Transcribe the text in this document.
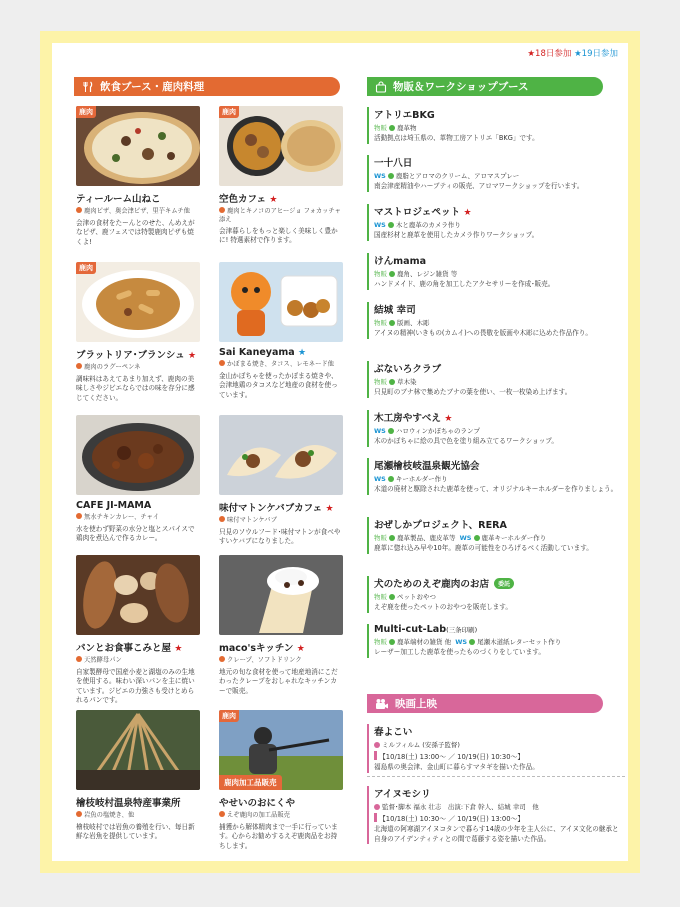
★18日参加 ★19日参加
飲食ブース・鹿肉料理
鹿肉
ティールーム山ねこ
鹿肉ピザ、奥会津ピザ、里芋キムチ他
会津の食材をたーんとのせた、んめえがなピザ、鹿フェスでは特製鹿肉ピザも焼くよ!
鹿肉
空色カフェ ★
鹿肉とキノコのアヒージョ フォカッチャ添え
会津暮らしをもっと楽しく美味しく豊かに! 特選素材で作ります。
鹿肉
ブラットリア･ブランシュ ★
鹿肉のラグーペンネ
調味料はあえてあまり加えず、鹿肉の美味しさやジビエならではの味を存分に感じてください。
Sai Kaneyama ★
かぼまる焼き、タコス、レモネード他
金山かぼちゃを使ったかぼまる焼きや、会津地鶏のタコスなど地産の食材を使っています。
CAFE JI-MAMA
無水チキンカレー、チャイ
水を使わず野菜の水分と塩とスパイスで鶏肉を煮込んで作るカレー。
味付マトンケバブカフェ ★
味付マトンケバブ
只見のソウルフード･味付マトンが食べやすいケバブになりました。
パンとお食事こみと屋 ★
天然酵母パン
自家製酵母で国産小麦と湖塩のみの生地を使用する。味わい深いパンを主に焼いています。ジビエの力強さも受けとめられるパンです。
maco'sキッチン ★
クレープ、ソフトドリンク
地元の旬な食材を使って地産地消にこだわったクレープをおしゃれなキッチンカーで販売。
檜枝岐村温泉特産事業所
岩魚の塩焼き、他
檜枝岐村では岩魚の養殖を行い、毎日新鮮な岩魚を提供しています。
鹿肉
鹿肉加工品販売
やせいのおにくや
えぞ鹿肉の加工品販売
捕獲から解体精肉まで一手に行っています。心からお勧めするえぞ鹿肉品をお持ちします。
物販＆ワークショップブース
アトリエBKG
物販 鹿革物
活動拠点は埼玉県の、革物工房アトリエ「BKG」です。
一十八日
WS 鹿脂とアロマのクリーム、アロマスプレー
南会津産精油やハーブティの販売、アロマワークショップを行います。
マストロジェペット ★
WS 木と鹿革のカメラ作り
国産杉材と鹿革を使用したカメラ作りワークショップ。
けんmama
物販 鹿角、レジン雑貨 等
ハンドメイド、鹿の角を加工したアクセサリーを作成･販売。
結城 幸司
物販 版画、木彫
アイヌの精神(いきもの(カムイ)への畏敬を版画や木彫に込めた作品作り。
ぶないろクラブ
物販 草木染
只見町のブナ林で集めたブナの葉を使い、一枚一枚染め上げます。
木工房やすべえ ★
WS ハロウィンかぼちゃのランプ
木のかぼちゃに絵の具で色を塗り組み立てるワークショップ。
尾瀬檜枝岐温泉観光協会
WS キーホルダー作り
木道の廃材と駆除された鹿革を使って、オリジナルキーホルダーを作りましょう。
おぜしかプロジェクト、RERA
物販 鹿革製品、鹿皮革等 WS 鹿革キーホルダー作り
鹿革に惚れ込み早や10年。鹿革の可能性をひろげるべく活動しています。
犬のためのえぞ鹿肉のお店 委託
物販 ペットおやつ
えぞ鹿を使ったペットのおやつを販売します。
Multi-cut-Lab(三条印刷)
物販 鹿革端材の雑貨 他 WS 尾瀬木道紙レターセット作り
レーザー加工した鹿革を使ったものづくりをしています。
映画上映
春よこい
ミルフィルム (安孫子監督)
【10/18(土) 13:00～ ／ 10/19(日) 10:30～】
福島県の奥会津、金山町に暮らすマタギを描いた作品。
アイヌモシリ
監督･脚本 福永 壮志　出演:下倉 幹人、結城 幸司　他
【10/18(土) 10:30～ ／ 10/19(日) 13:00～】
北海道の阿寒湖アイヌコタンで暮らす14歳の少年を主人公に、アイヌ文化の継承と自身のアイデンティティとの間で葛藤する姿を描いた作品。
